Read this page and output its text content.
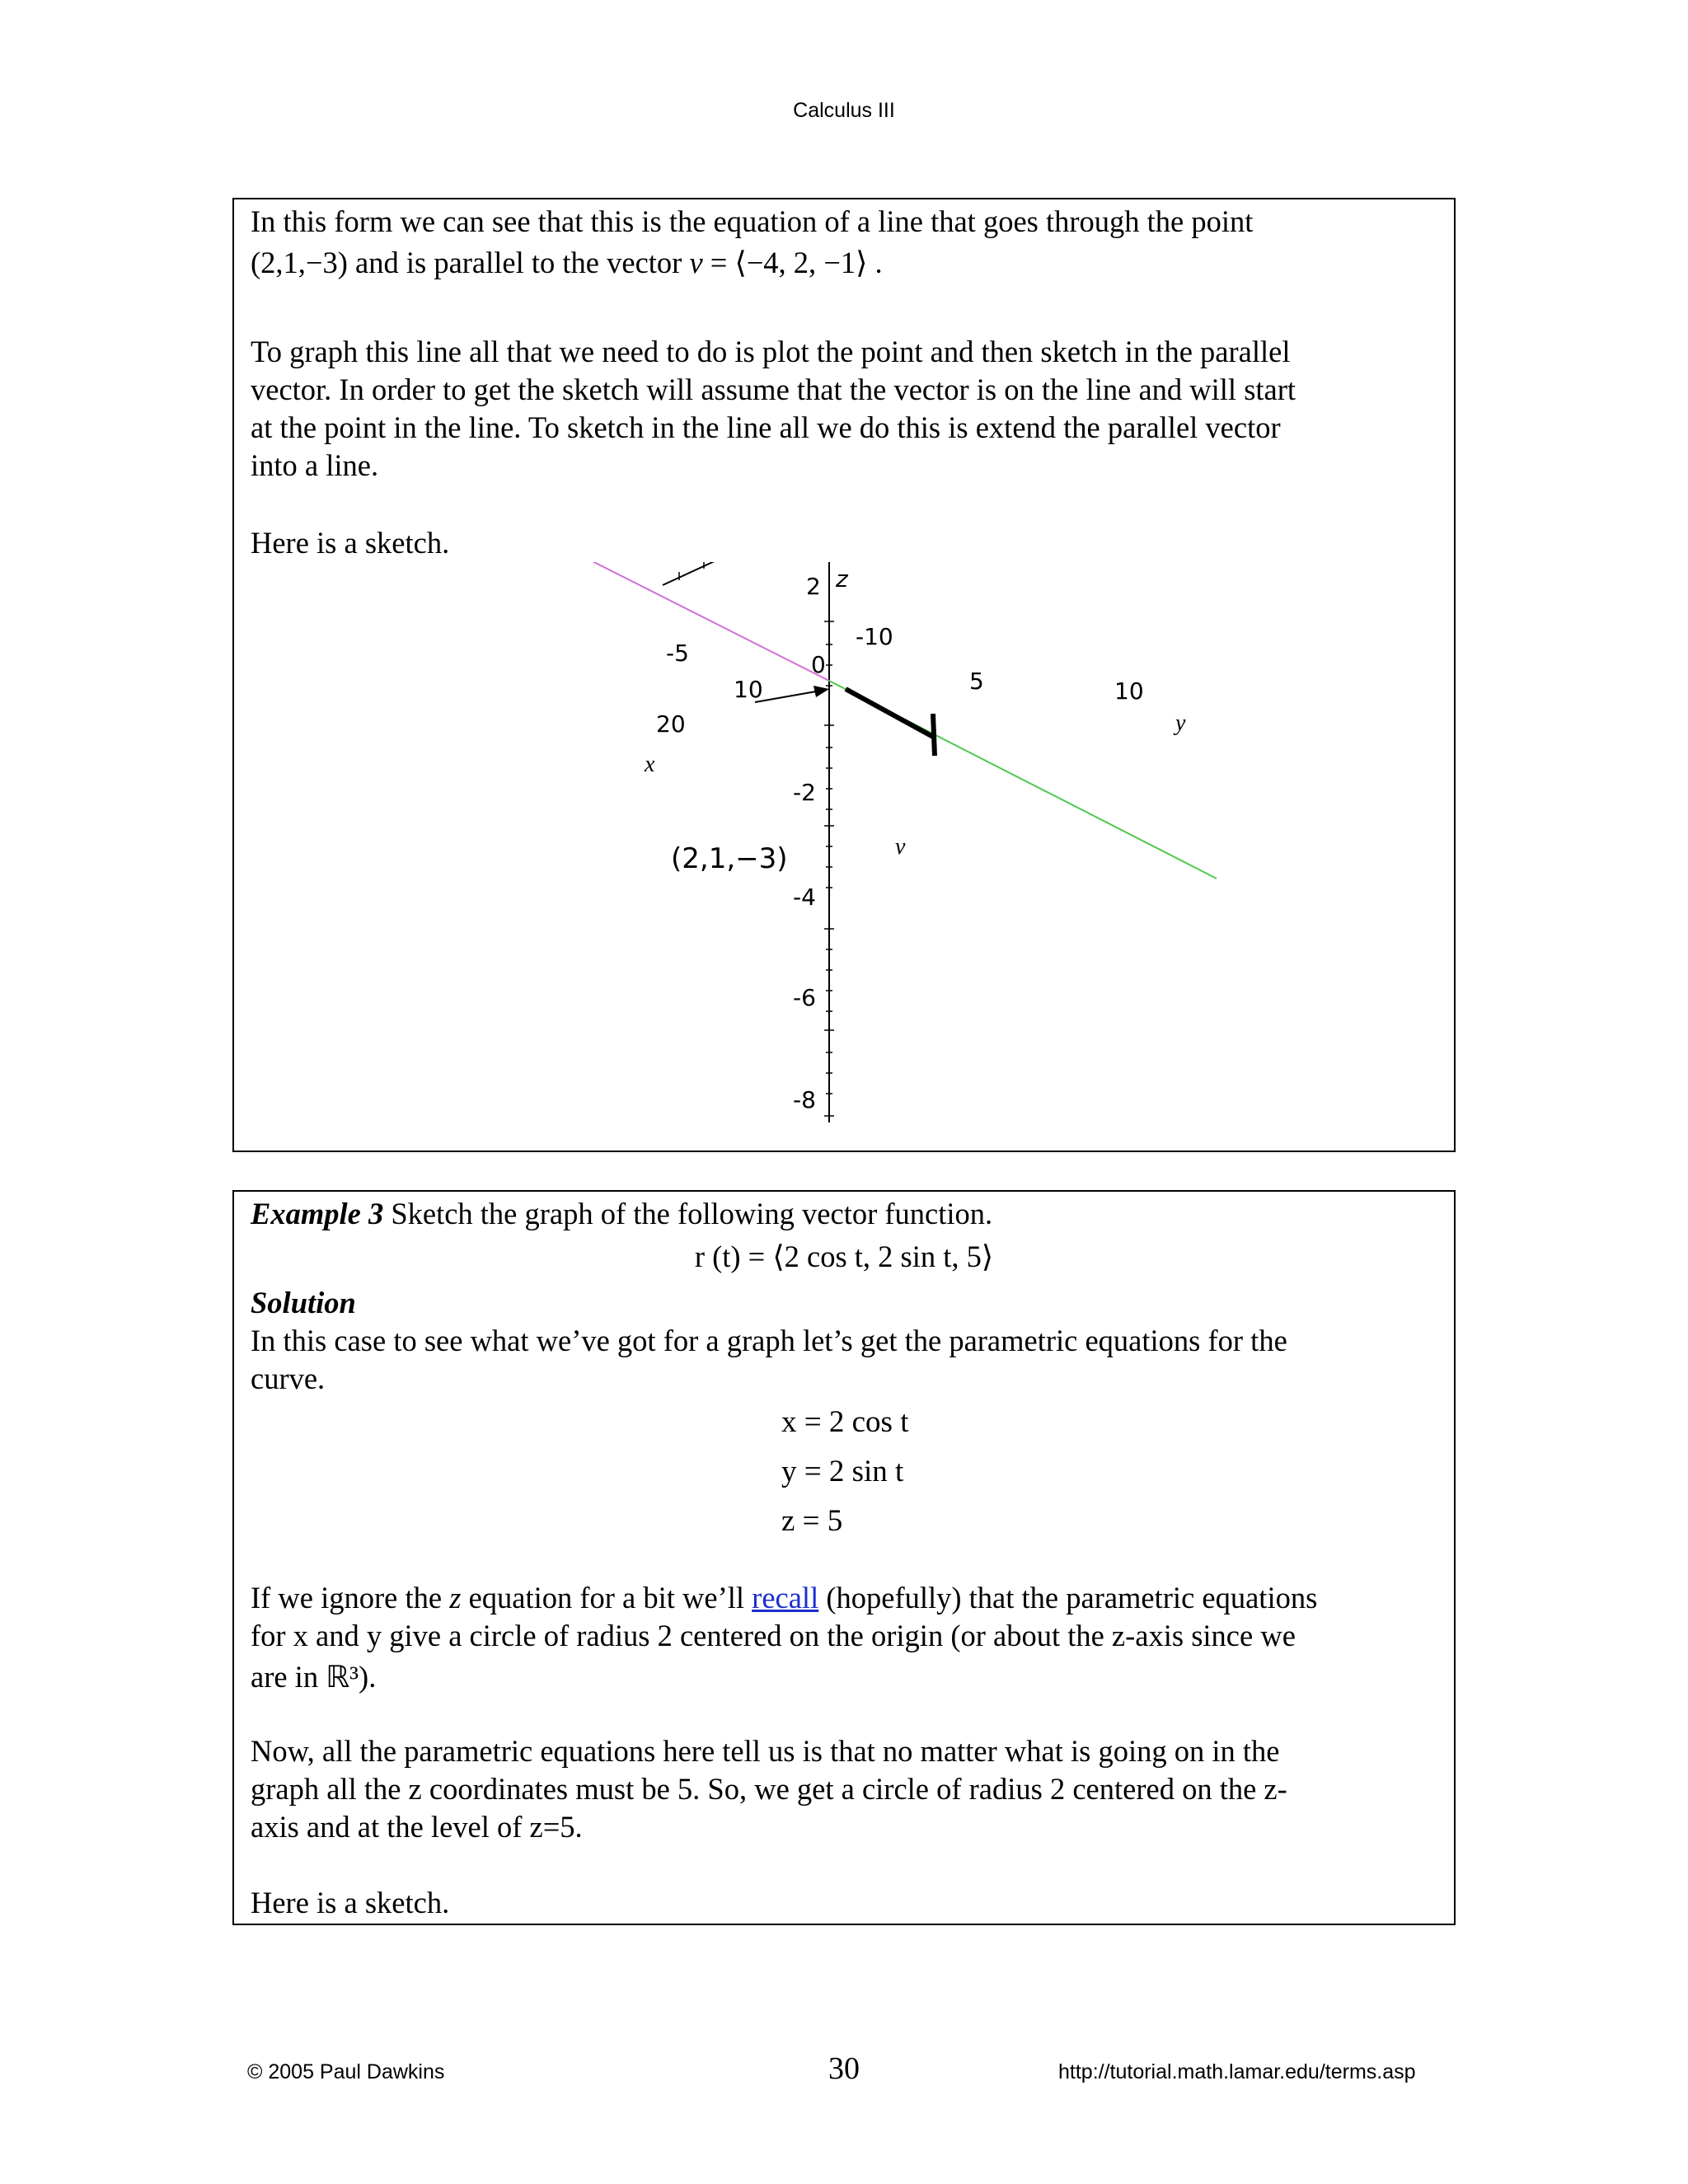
Calculus III

In this form we can see that this is the equation of a line that goes through the point

(2,1,−3) and is parallel to the vector v = ⟨−4, 2, −1⟩ .

To graph this line all that we need to do is plot the point and then sketch in the parallel

vector. In order to get the sketch will assume that the vector is on the line and will start

at the point in the line. To sketch in the line all we do this is extend the parallel vector

into a line.

Here is a sketch.

2 z
-5
-10
10
20
0
5	10
y
x
-2
(2,1,−3)	v
-4
-6
-8

Example 3 Sketch the graph of the following vector function.

r (t) = ⟨2 cos t, 2 sin t, 5⟩

Solution

In this case to see what we’ve got for a graph let’s get the parametric equations for the

curve.

x = 2 cos t
y = 2 sin t
z = 5

If we ignore the z equation for a bit we’ll recall (hopefully) that the parametric equations

for x and y give a circle of radius 2 centered on the origin (or about the z-axis since we

are in ℝ³).

Now, all the parametric equations here tell us is that no matter what is going on in the

graph all the z coordinates must be 5. So, we get a circle of radius 2 centered on the z-

axis and at the level of z=5.

Here is a sketch.

© 2005 Paul Dawkins	30	http://tutorial.math.lamar.edu/terms.asp
